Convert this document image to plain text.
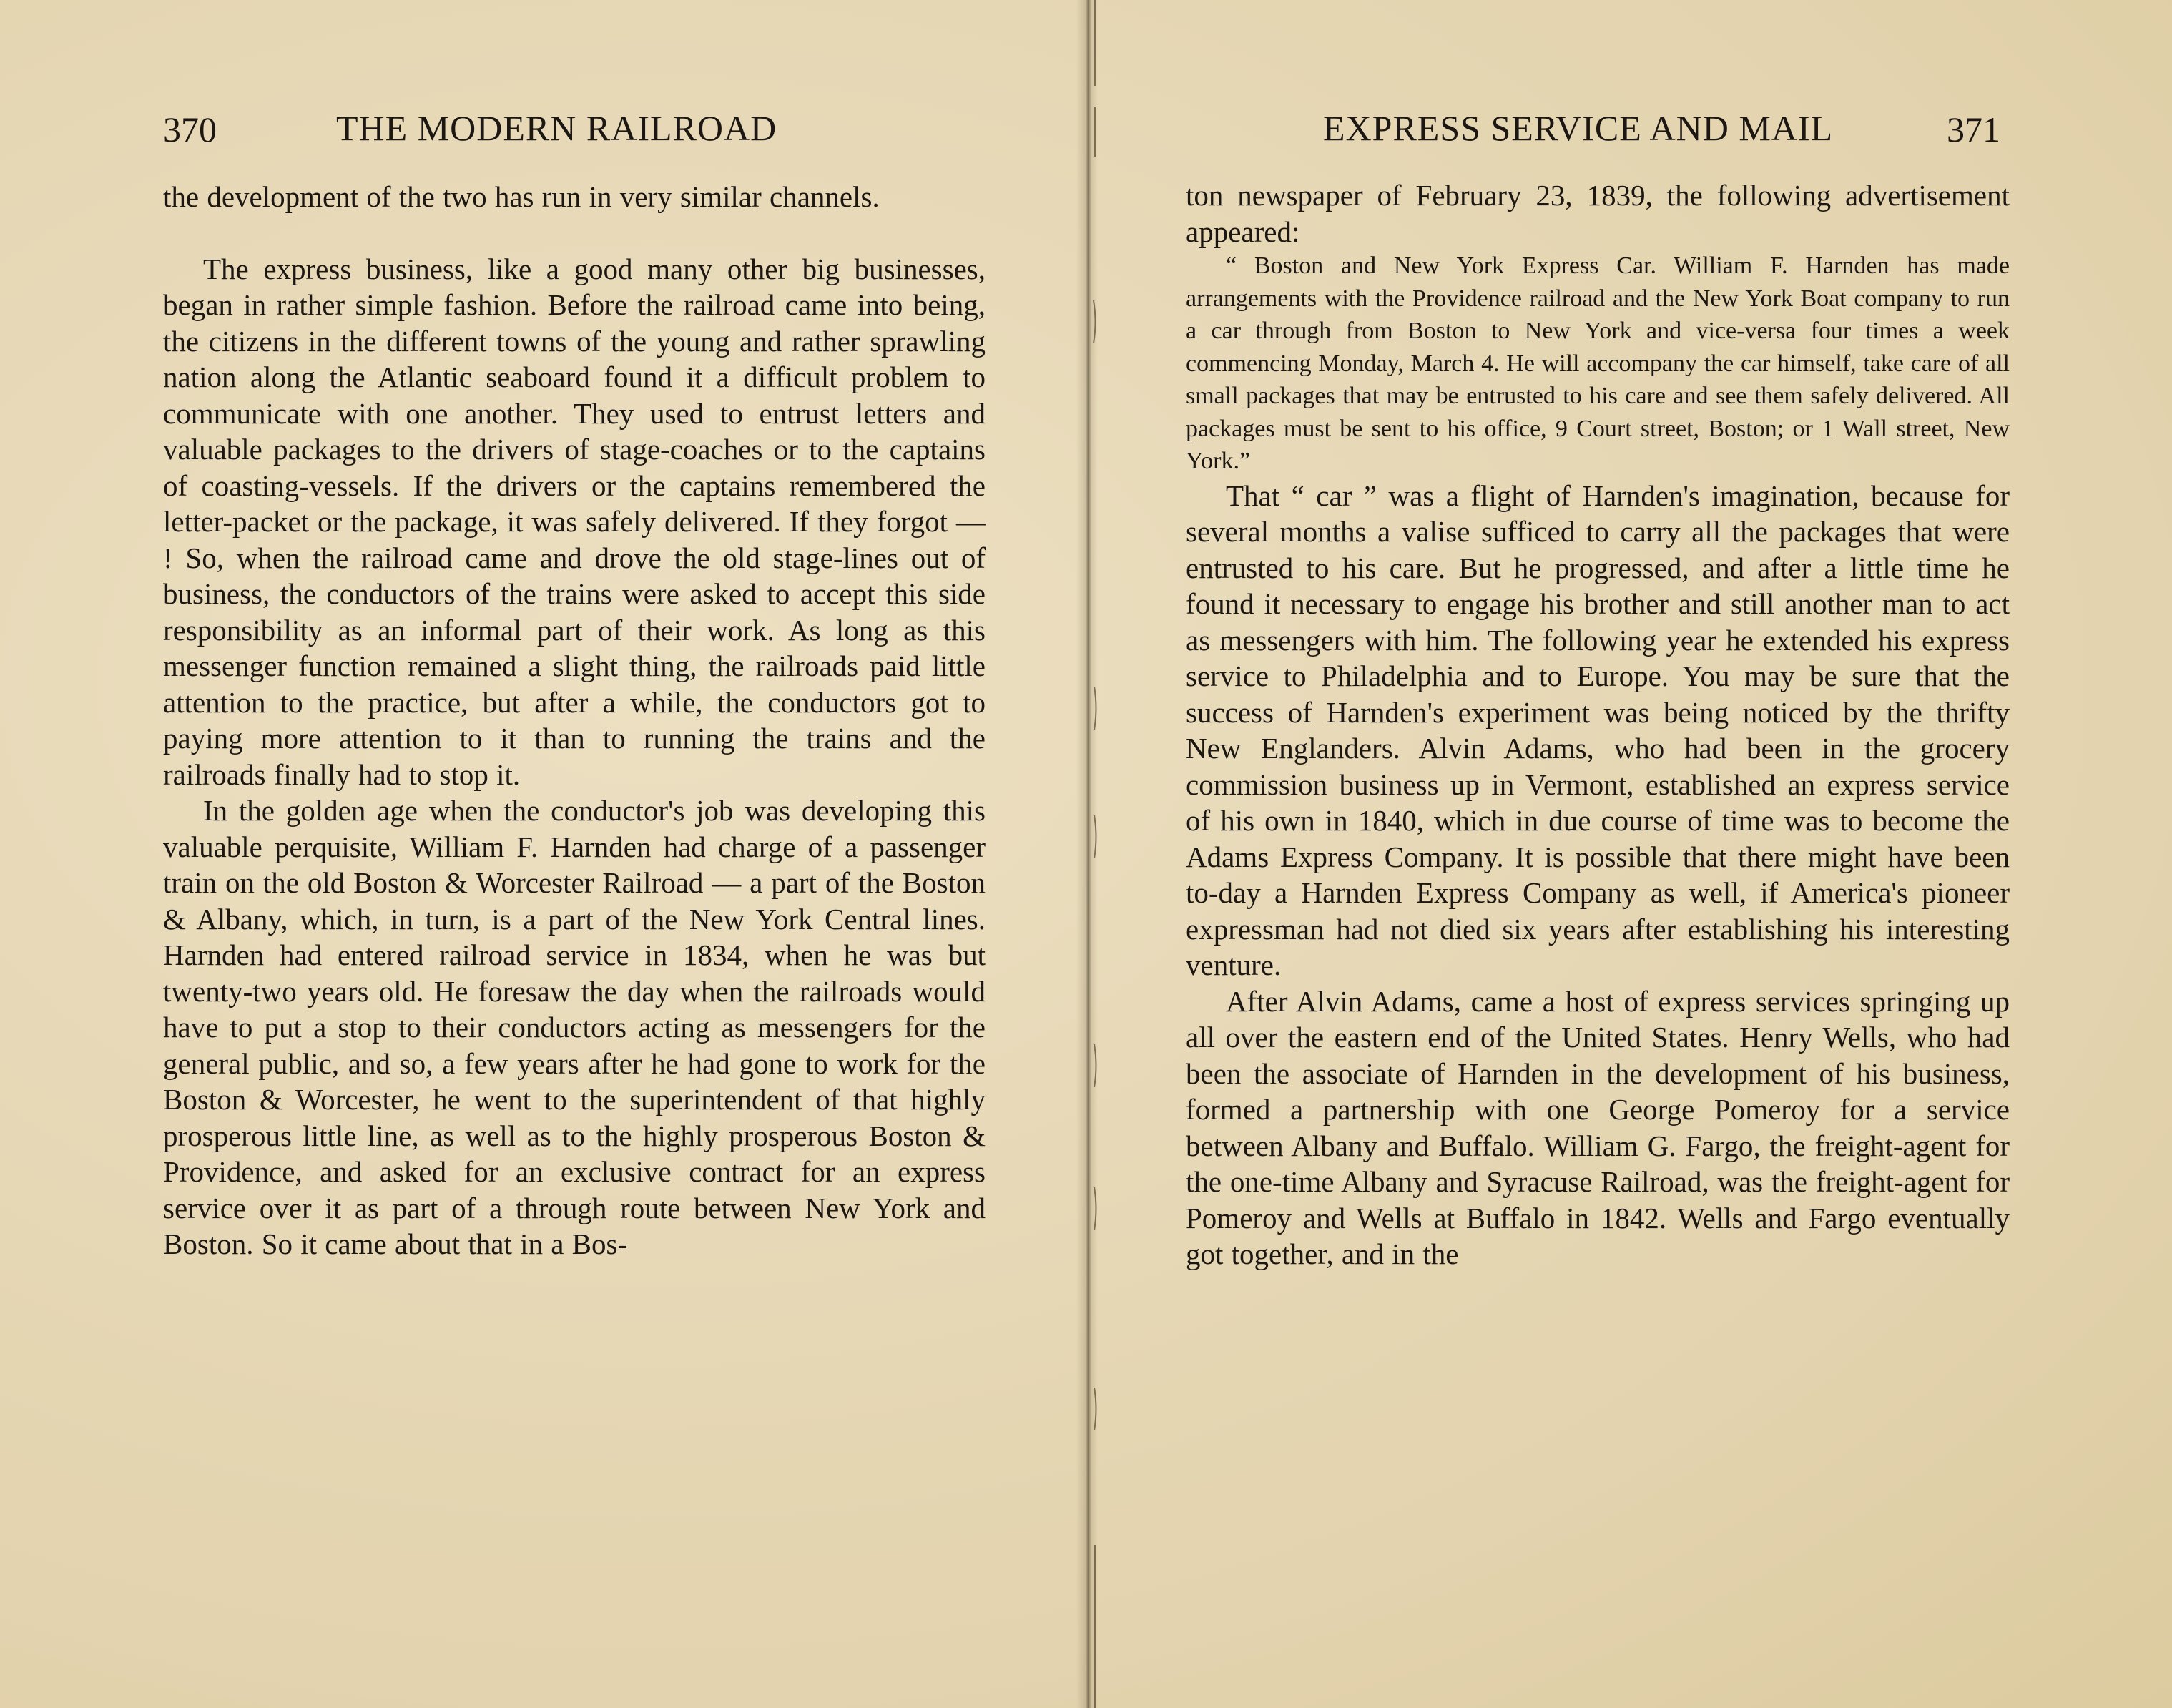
370	THE MODERN RAILROAD

the development of the two has run in very similar channels.

The express business, like a good many other big businesses, began in rather simple fashion. Before the railroad came into being, the citizens in the different towns of the young and rather sprawling nation along the Atlantic seaboard found it a difficult problem to communicate with one another. They used to entrust letters and valuable packages to the drivers of stage-coaches or to the captains of coasting-vessels. If the drivers or the captains remembered the letter-packet or the package, it was safely delivered. If they forgot — ! So, when the railroad came and drove the old stage-lines out of business, the conductors of the trains were asked to accept this side responsibility as an informal part of their work. As long as this messenger function remained a slight thing, the railroads paid little attention to the practice, but after a while, the conductors got to paying more attention to it than to running the trains and the railroads finally had to stop it.

In the golden age when the conductor's job was developing this valuable perquisite, William F. Harnden had charge of a passenger train on the old Boston & Worcester Railroad — a part of the Boston & Albany, which, in turn, is a part of the New York Central lines. Harnden had entered railroad service in 1834, when he was but twenty-two years old. He foresaw the day when the railroads would have to put a stop to their conductors acting as messengers for the general public, and so, a few years after he had gone to work for the Boston & Worcester, he went to the superintendent of that highly prosperous little line, as well as to the highly prosperous Boston & Providence, and asked for an exclusive contract for an express service over it as part of a through route between New York and Boston. So it came about that in a Bos-

EXPRESS SERVICE AND MAIL	371

ton newspaper of February 23, 1839, the following advertisement appeared:

“ Boston and New York Express Car. William F. Harnden has made arrangements with the Providence railroad and the New York Boat company to run a car through from Boston to New York and vice-versa four times a week commencing Monday, March 4. He will accompany the car himself, take care of all small packages that may be entrusted to his care and see them safely delivered. All packages must be sent to his office, 9 Court street, Boston; or 1 Wall street, New York.”

That “ car ” was a flight of Harnden's imagination, because for several months a valise sufficed to carry all the packages that were entrusted to his care. But he progressed, and after a little time he found it necessary to engage his brother and still another man to act as messengers with him. The following year he extended his express service to Philadelphia and to Europe. You may be sure that the success of Harnden's experiment was being noticed by the thrifty New Englanders. Alvin Adams, who had been in the grocery commission business up in Vermont, established an express service of his own in 1840, which in due course of time was to become the Adams Express Company. It is possible that there might have been to-day a Harnden Express Company as well, if America's pioneer expressman had not died six years after establishing his interesting venture.

After Alvin Adams, came a host of express services springing up all over the eastern end of the United States. Henry Wells, who had been the associate of Harnden in the development of his business, formed a partnership with one George Pomeroy for a service between Albany and Buffalo. William G. Fargo, the freight-agent for the one-time Albany and Syracuse Railroad, was the freight-agent for Pomeroy and Wells at Buffalo in 1842. Wells and Fargo eventually got together, and in the
